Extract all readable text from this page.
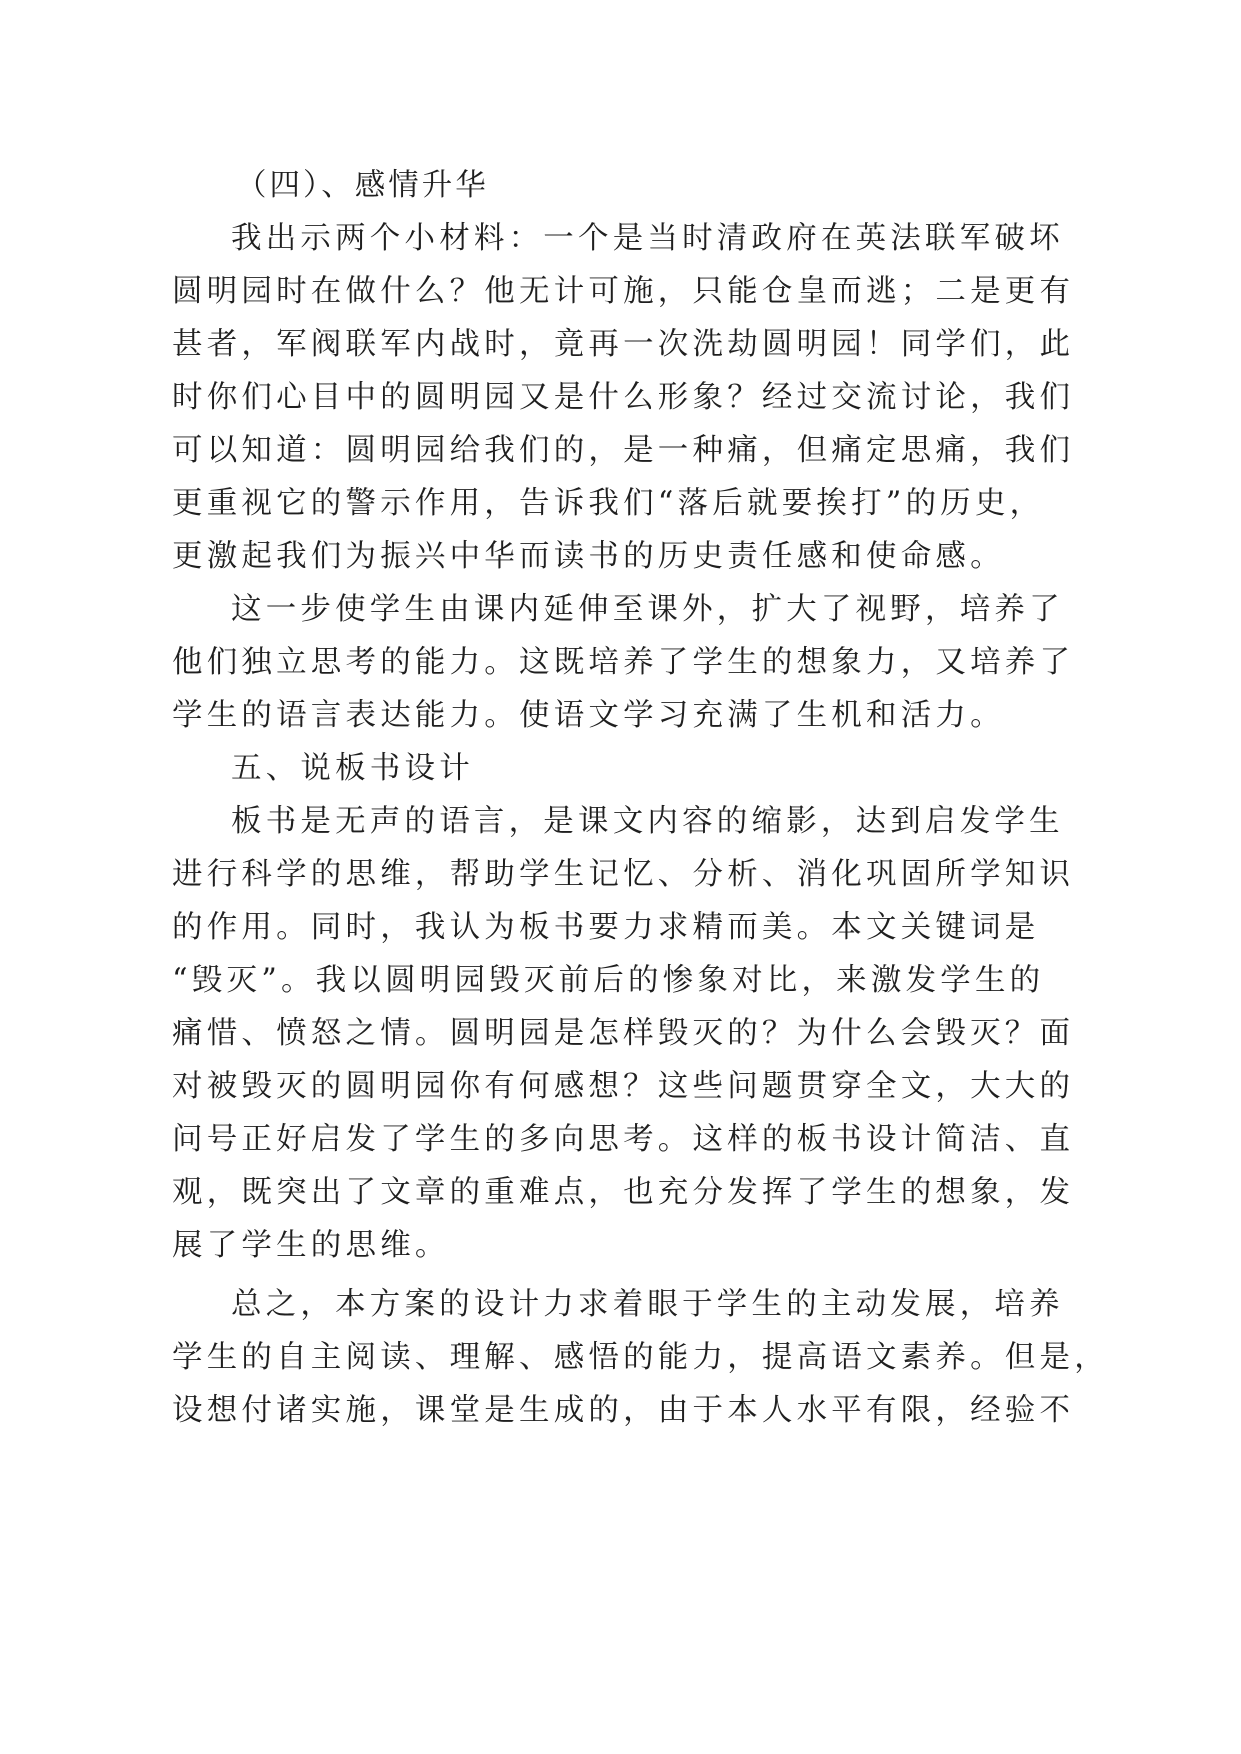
（四）、感情升华
我出示两个小材料：一个是当时清政府在英法联军破坏
圆明园时在做什么？他无计可施，只能仓皇而逃；二是更有
甚者，军阀联军内战时，竟再一次洗劫圆明园！同学们，此
时你们心目中的圆明园又是什么形象？经过交流讨论，我们
可以知道：圆明园给我们的，是一种痛，但痛定思痛，我们
更重视它的警示作用，告诉我们“落后就要挨打”的历史，
更激起我们为振兴中华而读书的历史责任感和使命感。
这一步使学生由课内延伸至课外，扩大了视野，培养了
他们独立思考的能力。这既培养了学生的想象力，又培养了
学生的语言表达能力。使语文学习充满了生机和活力。
五、说板书设计
板书是无声的语言，是课文内容的缩影，达到启发学生
进行科学的思维，帮助学生记忆、分析、消化巩固所学知识
的作用。同时，我认为板书要力求精而美。本文关键词是
“毁灭”。我以圆明园毁灭前后的惨象对比，来激发学生的
痛惜、愤怒之情。圆明园是怎样毁灭的？为什么会毁灭？面
对被毁灭的圆明园你有何感想？这些问题贯穿全文，大大的
问号正好启发了学生的多向思考。这样的板书设计简洁、直
观，既突出了文章的重难点，也充分发挥了学生的想象，发
展了学生的思维。
总之，本方案的设计力求着眼于学生的主动发展，培养
学生的自主阅读、理解、感悟的能力，提高语文素养。但是，
设想付诸实施，课堂是生成的，由于本人水平有限，经验不
